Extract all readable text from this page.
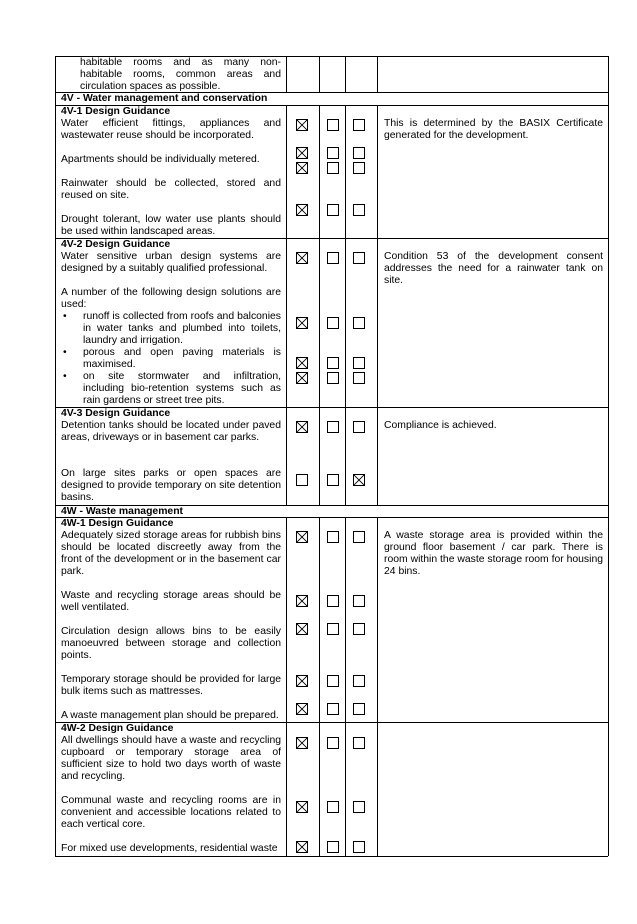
habitable rooms and as many non-habitable rooms, common areas and circulation spaces as possible.
4V - Water management and conservation
4V-1 Design Guidance
Water efficient fittings, appliances and wastewater reuse should be incorporated.
Apartments should be individually metered.
Rainwater should be collected, stored and reused on site.
Drought tolerant, low water use plants should be used within landscaped areas.
This is determined by the BASIX Certificate generated for the development.
4V-2 Design Guidance
Water sensitive urban design systems are designed by a suitably qualified professional.
A number of the following design solutions are used:
• runoff is collected from roofs and balconies in water tanks and plumbed into toilets, laundry and irrigation.
• porous and open paving materials is maximised.
• on site stormwater and infiltration, including bio-retention systems such as rain gardens or street tree pits.
Condition 53 of the development consent addresses the need for a rainwater tank on site.
4V-3 Design Guidance
Detention tanks should be located under paved areas, driveways or in basement car parks.
On large sites parks or open spaces are designed to provide temporary on site detention basins.
Compliance is achieved.
4W - Waste management
4W-1 Design Guidance
Adequately sized storage areas for rubbish bins should be located discreetly away from the front of the development or in the basement car park.
Waste and recycling storage areas should be well ventilated.
Circulation design allows bins to be easily manoeuvred between storage and collection points.
Temporary storage should be provided for large bulk items such as mattresses.
A waste management plan should be prepared.
A waste storage area is provided within the ground floor basement / car park. There is room within the waste storage room for housing 24 bins.
4W-2 Design Guidance
All dwellings should have a waste and recycling cupboard or temporary storage area of sufficient size to hold two days worth of waste and recycling.
Communal waste and recycling rooms are in convenient and accessible locations related to each vertical core.
For mixed use developments, residential waste
